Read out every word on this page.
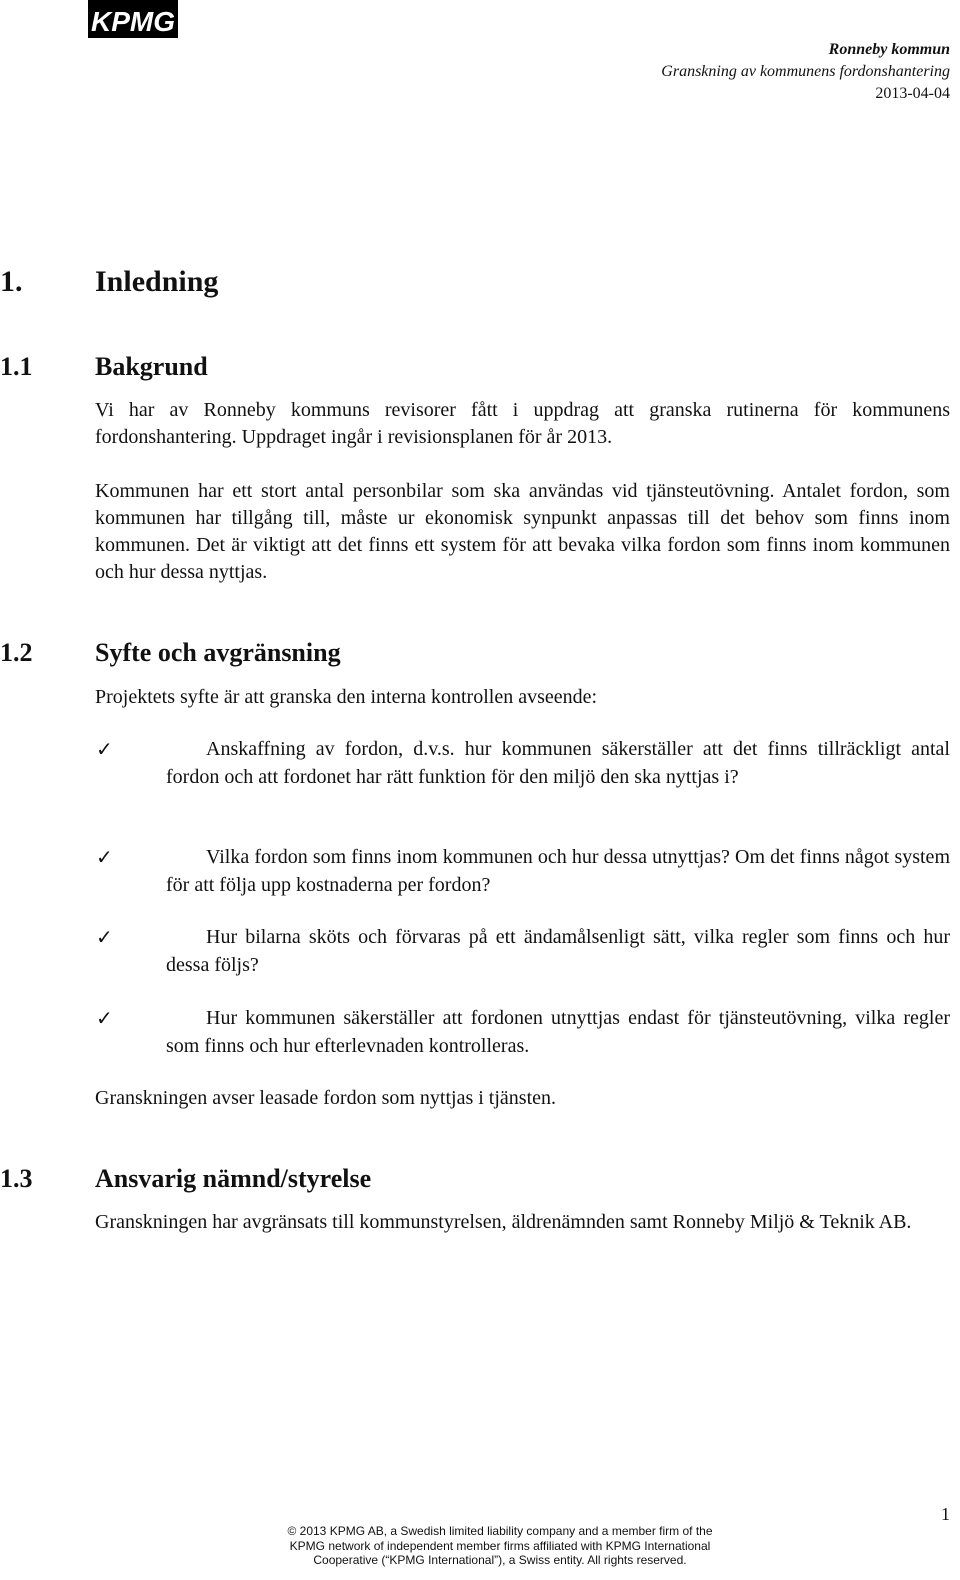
KPMG
Ronneby kommun
Granskning av kommunens fordonshantering
2013-04-04
1. Inledning
1.1 Bakgrund

Vi har av Ronneby kommuns revisorer fått i uppdrag att granska rutinerna för kommunens fordonshantering. Uppdraget ingår i revisionsplanen för år 2013.

Kommunen har ett stort antal personbilar som ska användas vid tjänsteutövning. Antalet fordon, som kommunen har tillgång till, måste ur ekonomisk synpunkt anpassas till det behov som finns inom kommunen. Det är viktigt att det finns ett system för att bevaka vilka fordon som finns inom kommunen och hur dessa nyttjas.

1.2 Syfte och avgränsning

Projektets syfte är att granska den interna kontrollen avseende:

✓	Anskaffning av fordon, d.v.s. hur kommunen säkerställer att det finns tillräckligt antal fordon och att fordonet har rätt funktion för den miljö den ska nyttjas i?

✓	Vilka fordon som finns inom kommunen och hur dessa utnyttjas? Om det finns något system för att följa upp kostnaderna per fordon?

✓	Hur bilarna sköts och förvaras på ett ändamålsenligt sätt, vilka regler som finns och hur dessa följs?

✓	Hur kommunen säkerställer att fordonen utnyttjas endast för tjänsteutövning, vilka regler som finns och hur efterlevnaden kontrolleras.

Granskningen avser leasade fordon som nyttjas i tjänsten.

1.3 Ansvarig nämnd/styrelse

Granskningen har avgränsats till kommunstyrelsen, äldrenämnden samt Ronneby Miljö & Teknik AB.

1
© 2013 KPMG AB, a Swedish limited liability company and a member firm of the
KPMG network of independent member firms affiliated with KPMG International
Cooperative (“KPMG International”), a Swiss entity. All rights reserved.
